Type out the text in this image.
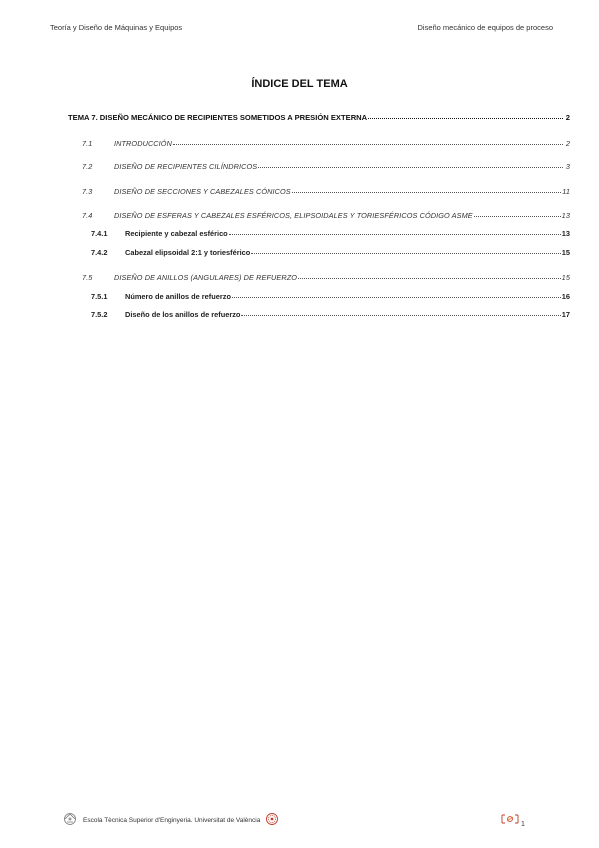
Teoría y Diseño de Máquinas y Equipos	Diseño mecánico de equipos de proceso
ÍNDICE DEL TEMA
TEMA 7. DISEÑO MECÁNICO DE RECIPIENTES SOMETIDOS A PRESIÓN EXTERNA	2
7.1	INTRODUCCIÓN	2
7.2	DISEÑO DE RECIPIENTES CILÍNDRICOS	3
7.3	DISEÑO DE SECCIONES Y CABEZALES CÓNICOS	11
7.4	DISEÑO DE ESFERAS Y CABEZALES ESFÉRICOS, ELIPSOIDALES Y TORIESFÉRICOS CÓDIGO ASME	13
7.4.1	Recipiente y cabezal esférico	13
7.4.2	Cabezal elipsoidal 2:1 y toriesférico	15
7.5	DISEÑO DE ANILLOS (ANGULARES) DE REFUERZO	15
7.5.1	Número de anillos de refuerzo	16
7.5.2	Diseño de los anillos de refuerzo	17
Escola Tècnica Superior d'Enginyeria. Universitat de València
1
